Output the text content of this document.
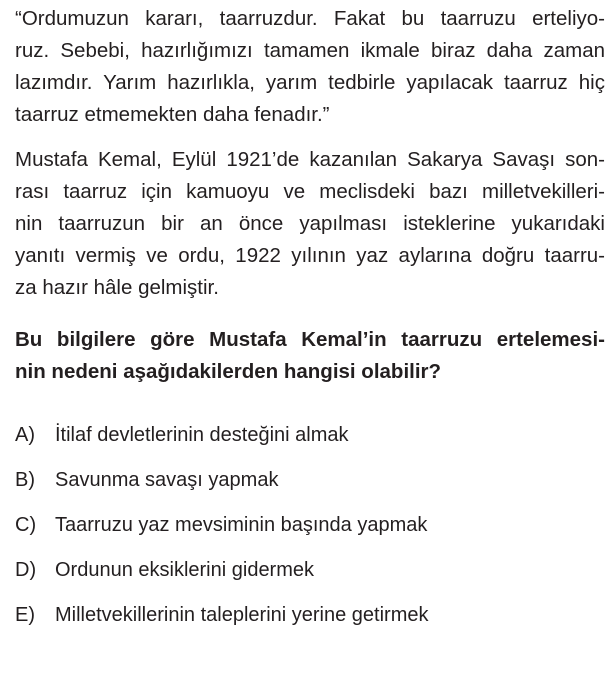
“Ordumuzun kararı, taarruzdur. Fakat bu taarruzu erteliyo-
ruz. Sebebi, hazırlığımızı tamamen ikmale biraz daha zaman
lazımdır. Yarım hazırlıkla, yarım tedbirle yapılacak taarruz hiç
taarruz etmemekten daha fenadır.”
Mustafa Kemal, Eylül 1921’de kazanılan Sakarya Savaşı son-
rası taarruz için kamuoyu ve meclisdeki bazı milletvekilleri-
nin taarruzun bir an önce yapılması isteklerine yukarıdaki
yanıtı vermiş ve ordu, 1922 yılının yaz aylarına doğru taarru-
za hazır hâle gelmiştir.
Bu bilgilere göre Mustafa Kemal’in taarruzu ertelemesi-
nin nedeni aşağıdakilerden hangisi olabilir?
A)	İtilaf devletlerinin desteğini almak
B)	Savunma savaşı yapmak
C) Taarruzu yaz mevsiminin başında yapmak
D) Ordunun eksiklerini gidermek
E)	Milletvekillerinin taleplerini yerine getirmek
